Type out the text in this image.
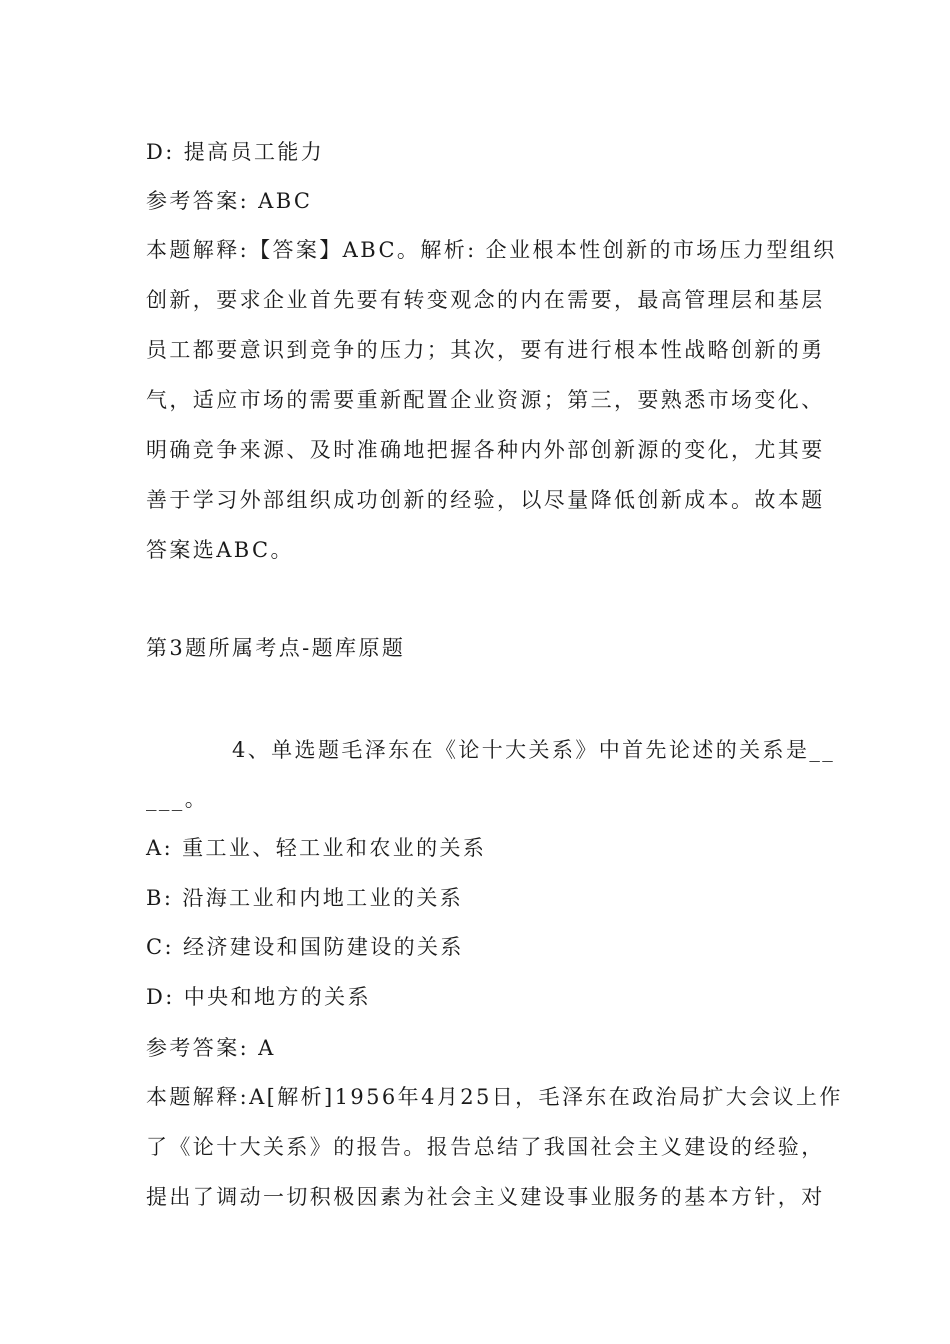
D: 提高员工能力

参考答案: ABC

本题解释:【答案】ABC。解析: 企业根本性创新的市场压力型组织

创新，要求企业首先要有转变观念的内在需要，最高管理层和基层

员工都要意识到竞争的压力；其次，要有进行根本性战略创新的勇

气，适应市场的需要重新配置企业资源；第三，要熟悉市场变化、

明确竞争来源、及时准确地把握各种内外部创新源的变化，尤其要

善于学习外部组织成功创新的经验，以尽量降低创新成本。故本题

答案选ABC。

第3题所属考点-题库原题

4、单选题毛泽东在《论十大关系》中首先论述的关系是__

___。

A: 重工业、轻工业和农业的关系

B: 沿海工业和内地工业的关系

C: 经济建设和国防建设的关系

D: 中央和地方的关系

参考答案: A

本题解释:A[解析]1956年4月25日，毛泽东在政治局扩大会议上作

了《论十大关系》的报告。报告总结了我国社会主义建设的经验，

提出了调动一切积极因素为社会主义建设事业服务的基本方针，对
